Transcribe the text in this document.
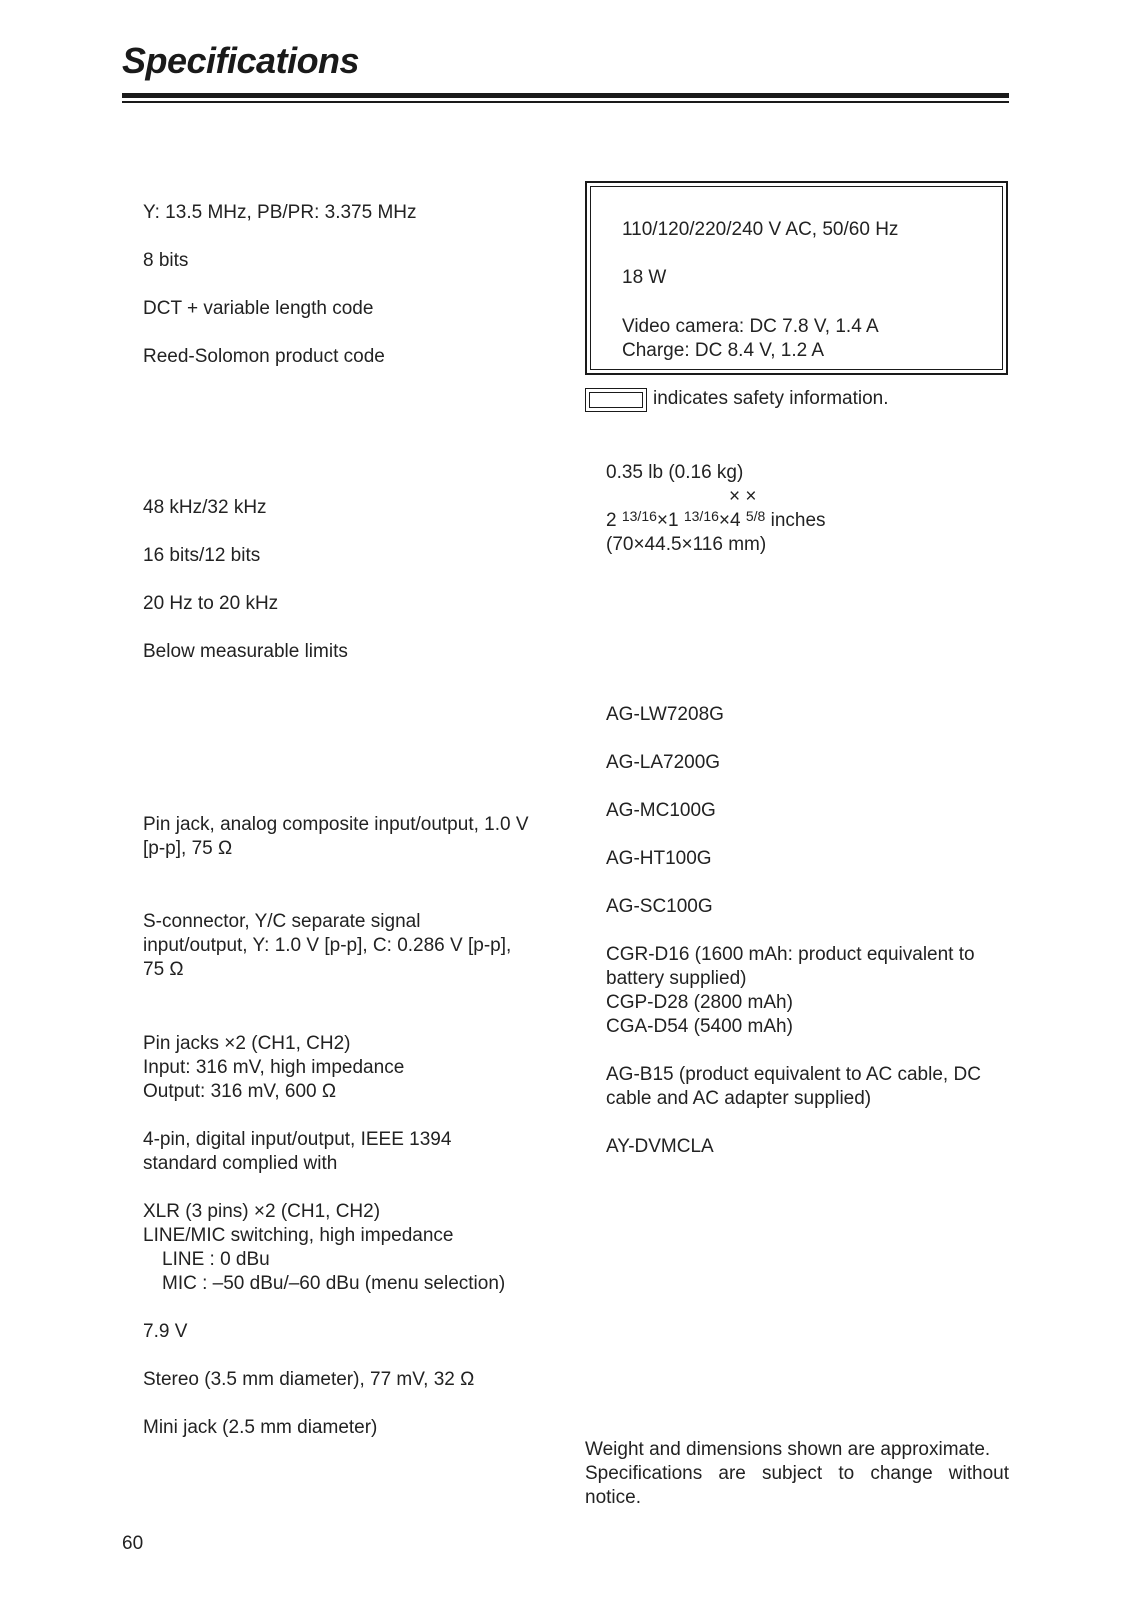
Specifications
Y: 13.5 MHz, PB/PR: 3.375 MHz
8 bits
DCT + variable length code
Reed-Solomon product code
48 kHz/32 kHz
16 bits/12 bits
20 Hz to 20 kHz
Below measurable limits
Pin jack, analog composite input/output, 1.0 V
[p-p], 75 Ω
S-connector, Y/C separate signal
input/output, Y: 1.0 V [p-p], C: 0.286 V [p-p],
75 Ω
Pin jacks ×2 (CH1, CH2)
Input: 316 mV, high impedance
Output: 316 mV, 600 Ω
4-pin, digital input/output, IEEE 1394
standard complied with
XLR (3 pins) ×2 (CH1, CH2)
LINE/MIC switching, high impedance
LINE : 0 dBu
MIC : –50 dBu/–60 dBu (menu selection)
7.9 V
Stereo (3.5 mm diameter), 77 mV, 32 Ω
Mini jack (2.5 mm diameter)
110/120/220/240 V AC, 50/60 Hz
18 W
Video camera: DC 7.8 V, 1.4 A
Charge: DC 8.4 V, 1.2 A
indicates safety information.
0.35 lb (0.16 kg)
× ×
2 $^{13/16}$×1 $^{13/16}$×4 $^{5/8}$ inches
(70×44.5×116 mm)
AG-LW7208G
AG-LA7200G
AG-MC100G
AG-HT100G
AG-SC100G
CGR-D16 (1600 mAh: product equivalent to
battery supplied)
CGP-D28 (2800 mAh)
CGA-D54 (5400 mAh)
AG-B15 (product equivalent to AC cable, DC
cable and AC adapter supplied)
AY-DVMCLA
Weight and dimensions shown are approximate.
Specifications are subject to change without notice.
60
